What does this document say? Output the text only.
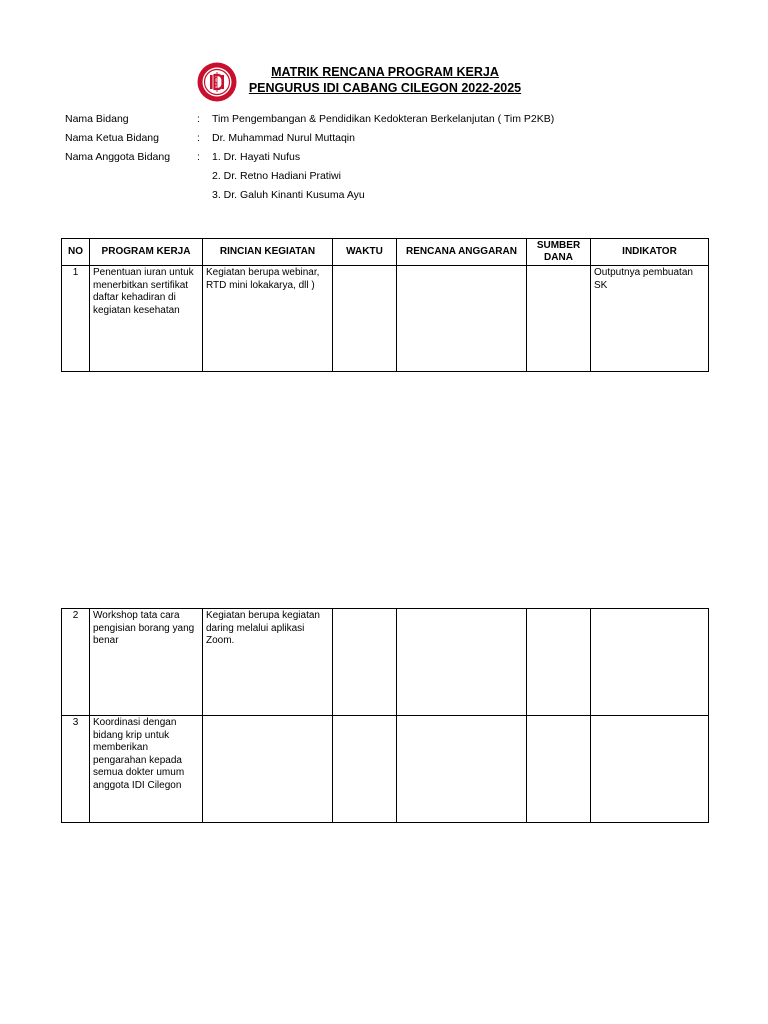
MATRIK RENCANA PROGRAM KERJA
PENGURUS IDI CABANG CILEGON 2022-2025
Nama Bidang	: Tim Pengembangan & Pendidikan Kedokteran Berkelanjutan ( Tim P2KB)
Nama Ketua Bidang	: Dr. Muhammad Nurul Muttaqin
Nama Anggota Bidang	: 1. Dr. Hayati Nufus
2. Dr. Retno Hadiani Pratiwi
3. Dr. Galuh Kinanti Kusuma Ayu
NO	PROGRAM KERJA	RINCIAN KEGIATAN	WAKTU	RENCANA ANGGARAN	SUMBER DANA	INDIKATOR
1	Penentuan iuran untuk menerbitkan sertifikat daftar kehadiran di kegiatan kesehatan	Kegiatan berupa webinar, RTD mini lokakarya, dll )				Outputnya pembuatan SK
2	Workshop tata cara pengisian borang yang benar	Kegiatan berupa kegiatan daring melalui aplikasi Zoom.				
3	Koordinasi dengan bidang krip untuk memberikan pengarahan kepada semua dokter umum anggota IDI Cilegon					
